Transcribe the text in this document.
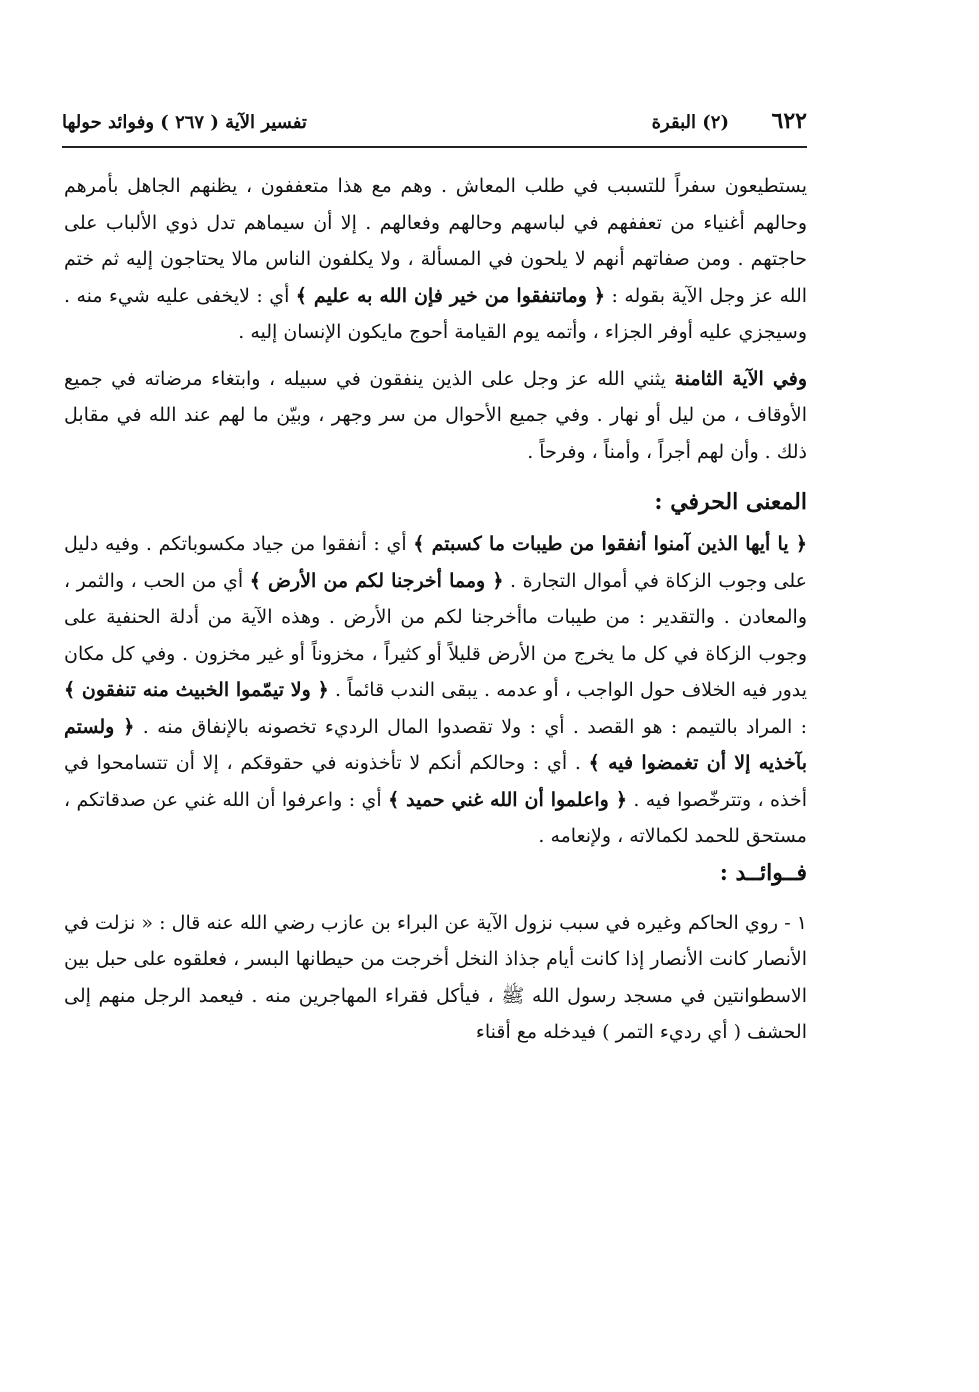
٦٢٢
(٢) البقرة
تفسير الآية ( ٢٦٧ ) وفوائد حولها

يستطيعون سفراً للتسبب في طلب المعاش . وهم مع هذا متعففون ، يظنهم الجاهل بأمرهم وحالهم أغنياء من تعففهم في لباسهم وحالهم وفعالهم . إلا أن سيماهم تدل ذوي الألباب على حاجتهم . ومن صفاتهم أنهم لا يلحون في المسألة ، ولا يكلفون الناس مالا يحتاجون إليه ثم ختم الله عز وجل الآية بقوله : ﴿ وماتنفقوا من خير فإن الله به عليم ﴾ أي : لايخفى عليه شيء منه . وسيجزي عليه أوفر الجزاء ، وأتمه يوم القيامة أحوج مايكون الإنسان إليه .

وفي الآية الثامنة يثني الله عز وجل على الذين ينفقون في سبيله ، وابتغاء مرضاته في جميع الأوقاف ، من ليل أو نهار . وفي جميع الأحوال من سر وجهر ، وبيّن ما لهم عند الله في مقابل ذلك . وأن لهم أجراً ، وأمناً ، وفرحاً .

المعنى الحرفي :

﴿ يا أيها الذين آمنوا أنفقوا من طيبات ما كسبتم ﴾ أي : أنفقوا من جياد مكسوباتكم . وفيه دليل على وجوب الزكاة في أموال التجارة . ﴿ ومما أخرجنا لكم من الأرض ﴾ أي من الحب ، والثمر ، والمعادن . والتقدير : من طيبات ماأخرجنا لكم من الأرض . وهذه الآية من أدلة الحنفية على وجوب الزكاة في كل ما يخرج من الأرض قليلاً أو كثيراً ، مخزوناً أو غير مخزون . وفي كل مكان يدور فيه الخلاف حول الواجب ، أو عدمه . يبقى الندب قائماً . ﴿ ولا تيمّموا الخبيث منه تنفقون ﴾ : المراد بالتيمم : هو القصد . أي : ولا تقصدوا المال الرديء تخصونه بالإنفاق منه . ﴿ ولستم بآخذيه إلا أن تغمضوا فيه ﴾ . أي : وحالكم أنكم لا تأخذونه في حقوقكم ، إلا أن تتسامحوا في أخذه ، وتترخّصوا فيه . ﴿ واعلموا أن الله غني حميد ﴾ أي : واعرفوا أن الله غني عن صدقاتكم ، مستحق للحمد لكمالاته ، ولإنعامه .

فــوائــد :

١ - روي الحاكم وغيره في سبب نزول الآية عن البراء بن عازب رضي الله عنه قال : « نزلت في الأنصار كانت الأنصار إذا كانت أيام جذاذ النخل أخرجت من حيطانها البسر ، فعلقوه على حبل بين الاسطوانتين في مسجد رسول الله ﷺ ، فيأكل فقراء المهاجرين منه . فيعمد الرجل منهم إلى الحشف ( أي رديء التمر ) فيدخله مع أقناء
